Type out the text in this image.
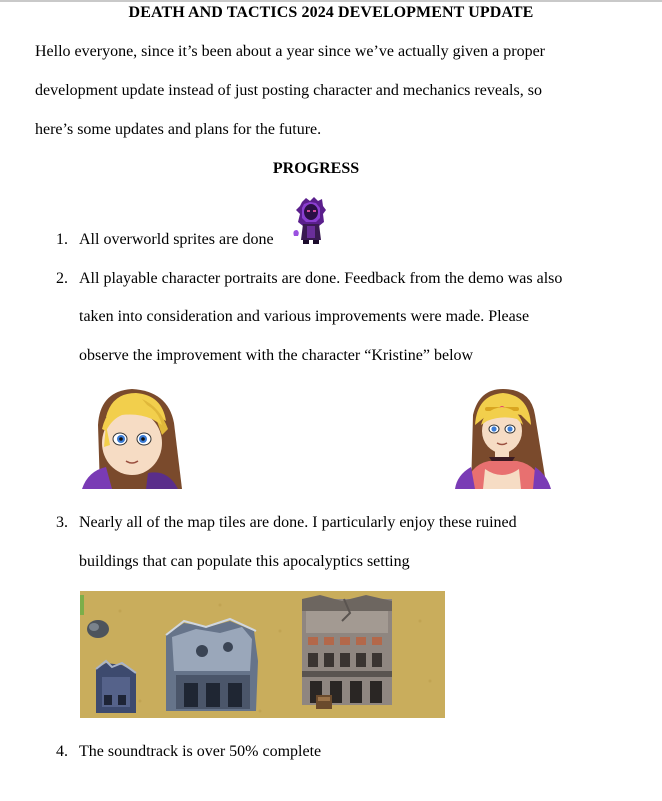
DEATH AND TACTICS 2024 DEVELOPMENT UPDATE
Hello everyone, since it’s been about a year since we’ve actually given a proper
development update instead of just posting character and mechanics reveals, so
here’s some updates and plans for the future.
PROGRESS
1. All overworld sprites are done
2. All playable character portraits are done. Feedback from the demo was also
taken into consideration and various improvements were made. Please
observe the improvement with the character “Kristine” below
3. Nearly all of the map tiles are done. I particularly enjoy these ruined
buildings that can populate this apocalyptics setting
4. The soundtrack is over 50% complete
